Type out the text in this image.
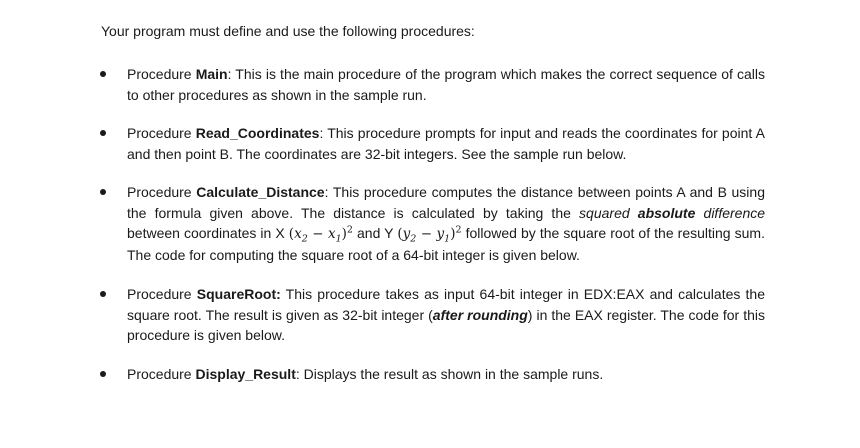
Your program must define and use the following procedures:

Procedure Main: This is the main procedure of the program which makes the correct sequence of calls to other procedures as shown in the sample run.

Procedure Read_Coordinates: This procedure prompts for input and reads the coordinates for point A and then point B. The coordinates are 32-bit integers. See the sample run below.

Procedure Calculate_Distance: This procedure computes the distance between points A and B using the formula given above. The distance is calculated by taking the squared absolute difference between coordinates in X $(x_2 - x_1)^2$ and Y $(y_2 - y_1)^2$ followed by the square root of the resulting sum. The code for computing the square root of a 64-bit integer is given below.

Procedure SquareRoot: This procedure takes as input 64-bit integer in EDX:EAX and calculates the square root. The result is given as 32-bit integer (after rounding) in the EAX register. The code for this procedure is given below.

Procedure Display_Result: Displays the result as shown in the sample runs.
